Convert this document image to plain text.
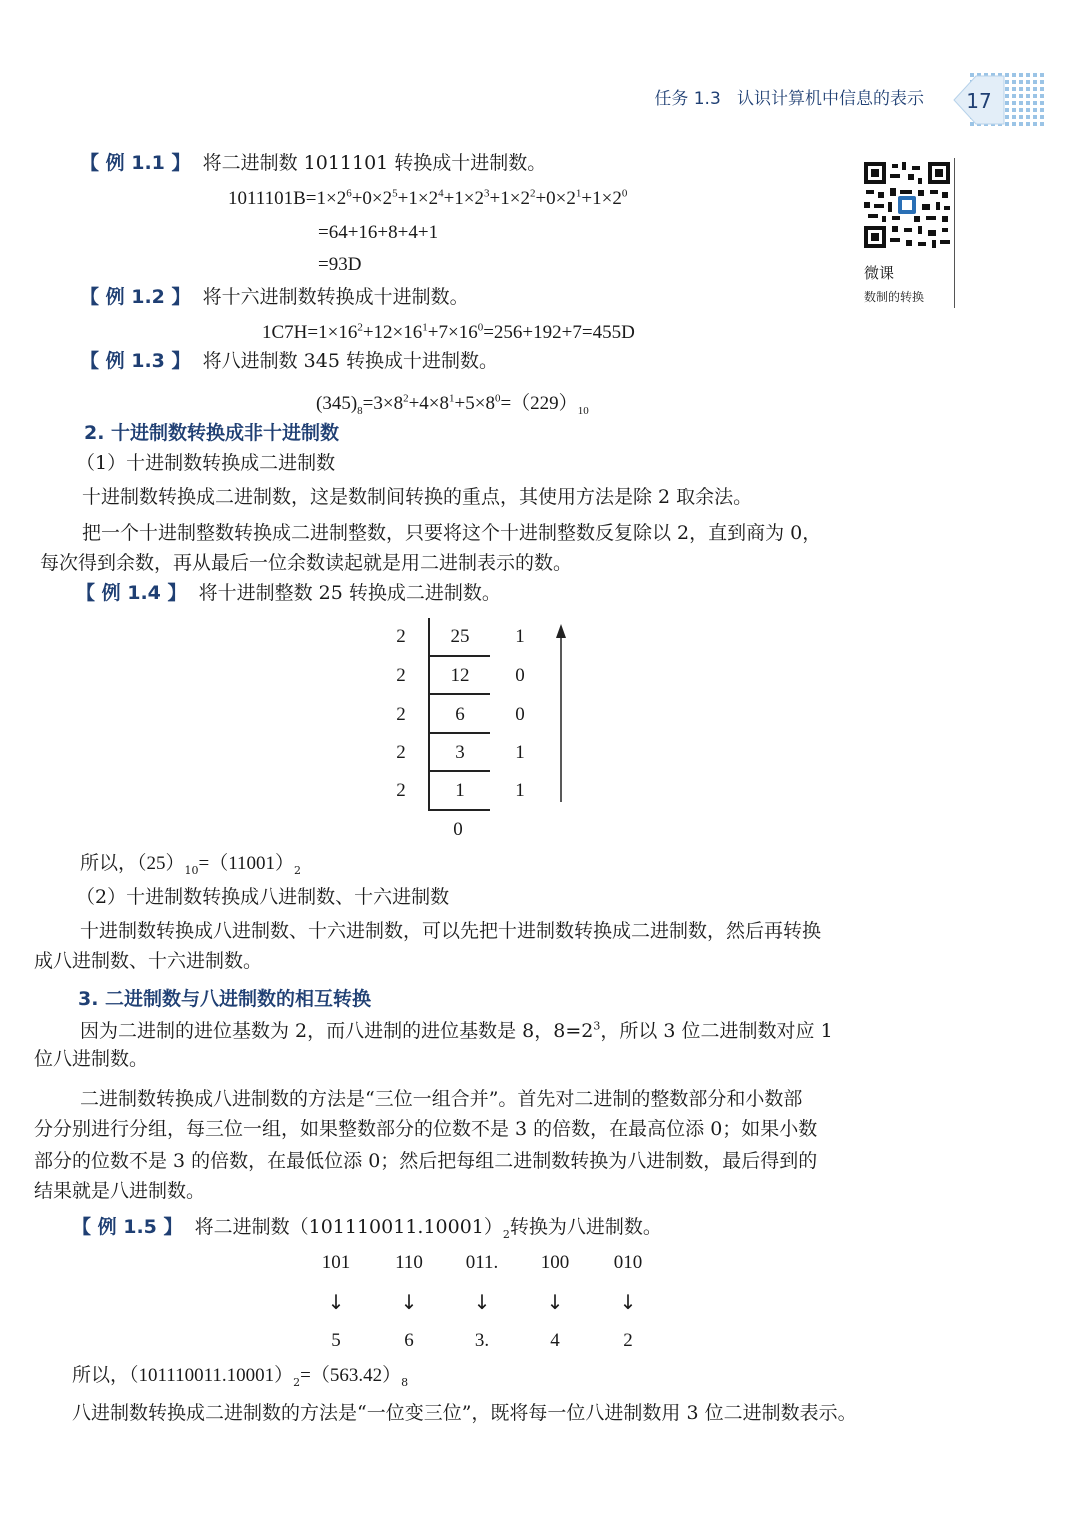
任务 1.3 认识计算机中信息的表示 17
微课
数制的转换
【 例 1.1 】 将二进制数 1011101 转换成十进制数。
$1011101B=1\times 2^6+0\times 2^5+1\times 2^4+1\times 2^3+1\times 2^2+0\times 2^1+1\times 2^0$
=64+16+8+4+1
=93D
【 例 1.2 】 将十六进制数转换成十进制数。
$1C7H=1\times 16^2+12\times 16^1+7\times 16^0=256+192+7=455D$
【 例 1.3 】 将八进制数 345 转换成十进制数。
$(345)_8=3\times 8^2+4\times 8^1+5\times 8^0=(229)_{10}$
2. 十进制数转换成非十进制数
（1）十进制数转换成二进制数
十进制数转换成二进制数，这是数制间转换的重点，其使用方法是除 2 取余法。
把一个十进制整数转换成二进制整数，只要将这个十进制整数反复除以 2，直到商为 0，
每次得到余数，再从最后一位余数读起就是用二进制表示的数。
【 例 1.4 】 将十进制整数 25 转换成二进制数。
2	25	1
2	12	0
2	6	0
2	3	1
2	1	1
0
所以，$(25)_{10}=(11001)_2$
（2）十进制数转换成八进制数、十六进制数
十进制数转换成八进制数、十六进制数，可以先把十进制数转换成二进制数，然后再转换
成八进制数、十六进制数。
3. 二进制数与八进制数的相互转换
因为二进制的进位基数为 2，而八进制的进位基数是 8，$8=2^3$，所以 3 位二进制数对应 1
位八进制数。
二进制数转换成八进制数的方法是“三位一组合并”。首先对二进制的整数部分和小数部
分分别进行分组，每三位一组，如果整数部分的位数不是 3 的倍数，在最高位添 0；如果小数
部分的位数不是 3 的倍数，在最低位添 0；然后把每组二进制数转换为八进制数，最后得到的
结果就是八进制数。
【 例 1.5 】 将二进制数$(101110011.10001)_2$转换为八进制数。
101	110	011.	100	010
↓	↓	↓	↓	↓
5	6	3.	4	2
所以，$(101110011.10001)_2=(563.42)_8$
八进制数转换成二进制数的方法是“一位变三位”，既将每一位八进制数用 3 位二进制数表示。
